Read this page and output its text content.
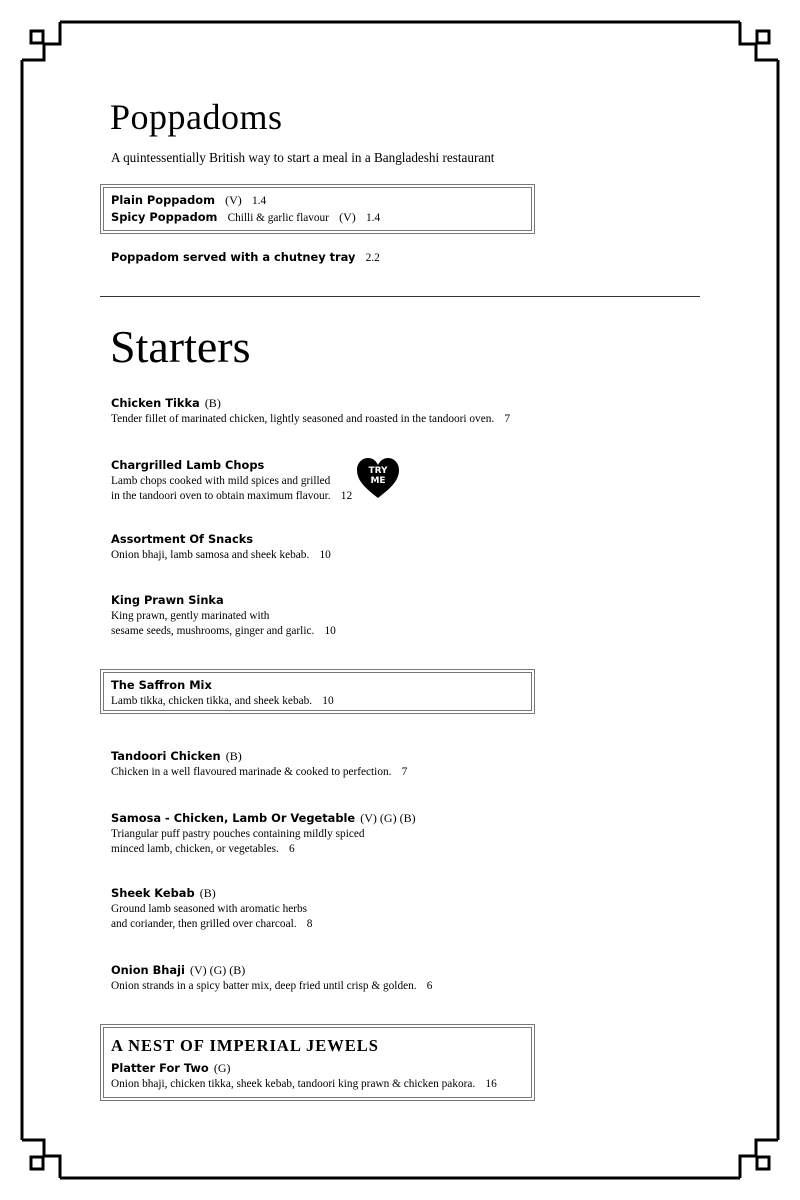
Poppadoms
A quintessentially British way to start a meal in a Bangladeshi restaurant
Plain Poppadom (V) 1.4
Spicy Poppadom Chilli & garlic flavour (V) 1.4
Poppadom served with a chutney tray 2.2
Starters
Chicken Tikka (B)
Tender fillet of marinated chicken, lightly seasoned and roasted in the tandoori oven. 7
Chargrilled Lamb Chops
Lamb chops cooked with mild spices and grilled
in the tandoori oven to obtain maximum flavour. 12
TRY
ME
Assortment Of Snacks
Onion bhaji, lamb samosa and sheek kebab. 10
King Prawn Sinka
King prawn, gently marinated with
sesame seeds, mushrooms, ginger and garlic. 10
The Saffron Mix
Lamb tikka, chicken tikka, and sheek kebab. 10
Tandoori Chicken (B)
Chicken in a well flavoured marinade & cooked to perfection. 7
Samosa - Chicken, Lamb Or Vegetable (V) (G) (B)
Triangular puff pastry pouches containing mildly spiced
minced lamb, chicken, or vegetables. 6
Sheek Kebab (B)
Ground lamb seasoned with aromatic herbs
and coriander, then grilled over charcoal. 8
Onion Bhaji (V) (G) (B)
Onion strands in a spicy batter mix, deep fried until crisp & golden. 6
A NEST OF IMPERIAL JEWELS
Platter For Two (G)
Onion bhaji, chicken tikka, sheek kebab, tandoori king prawn & chicken pakora. 16
